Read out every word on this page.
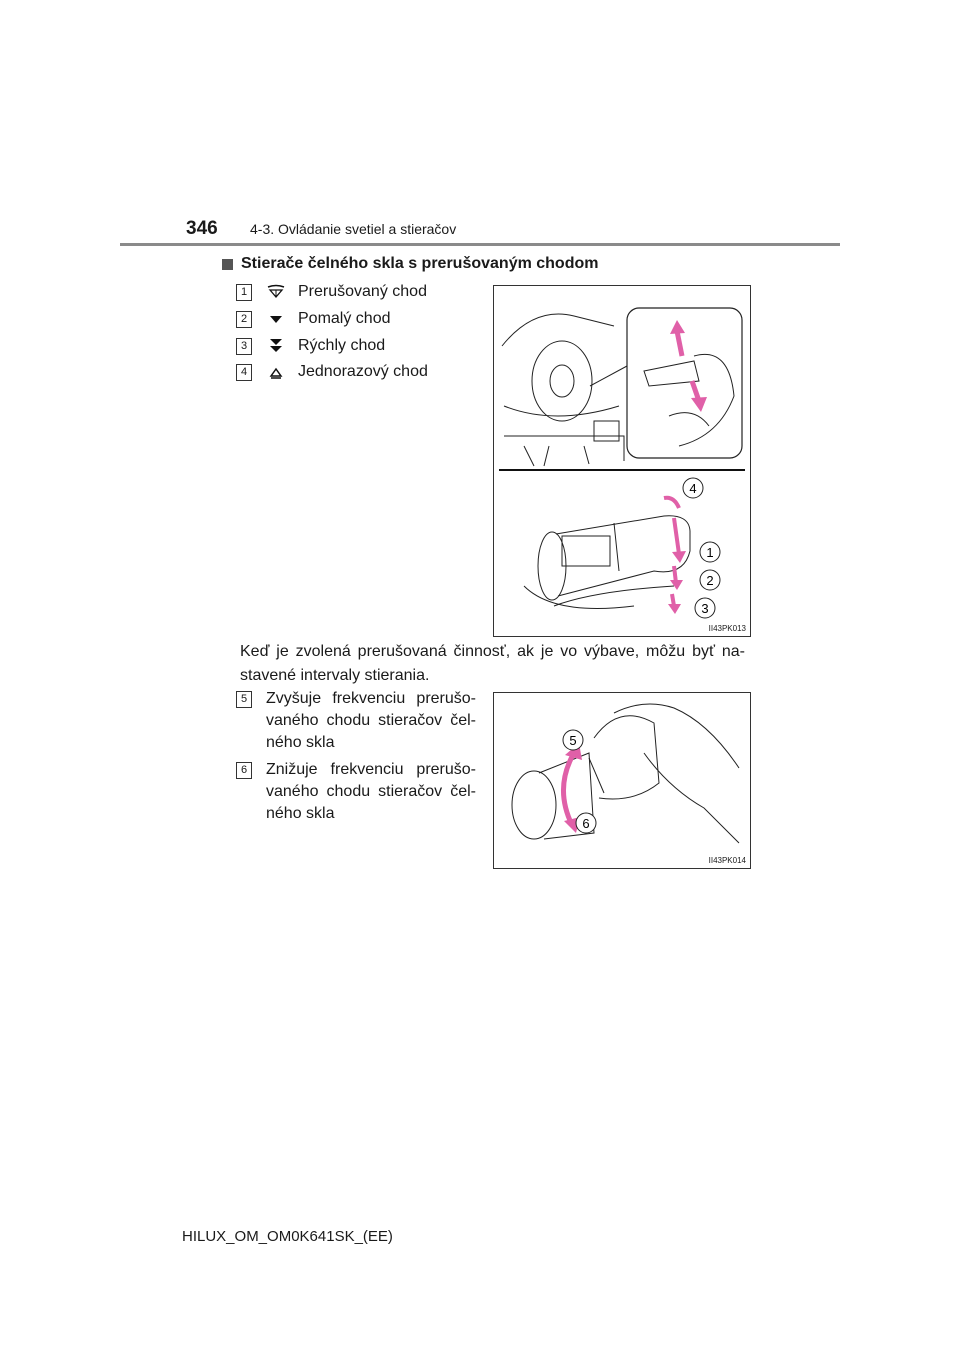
346 4-3. Ovládanie svetiel a stieračov
Stierače čelného skla s prerušovaným chodom
1	Prerušovaný chod
2	Pomalý chod
3	Rýchly chod
4	Jednorazový chod
4
1
2
3
II43PK013
Keď je zvolená prerušovaná činnosť, ak je vo výbave, môžu byť nastavené intervaly stierania.
5	Zvyšuje frekvenciu prerušovaného chodu stieračov čelného skla
6	Znižuje frekvenciu prerušovaného chodu stieračov čelného skla
5
6
II43PK014
HILUX_OM_OM0K641SK_(EE)
